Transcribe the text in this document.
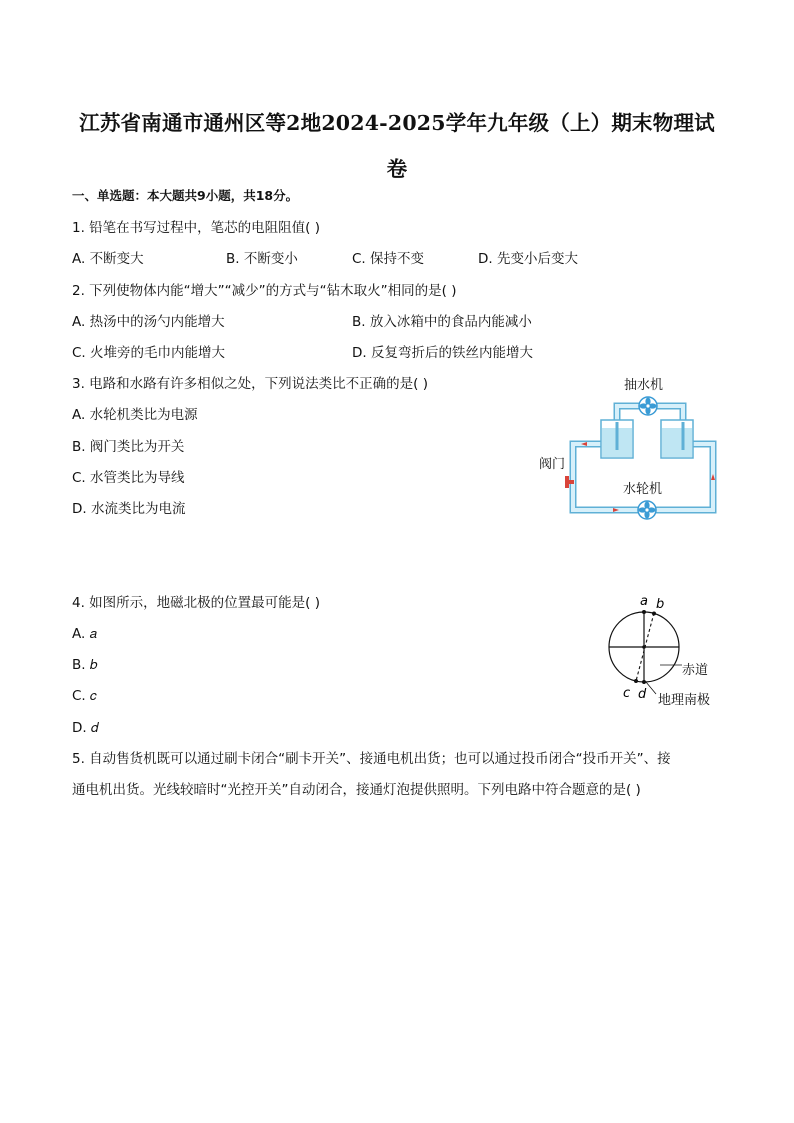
江苏省南通市通州区等2地2024-2025学年九年级（上）期末物理试
卷
一、单选题：本大题共9小题，共18分。
1. 铅笔在书写过程中，笔芯的电阻阻值( )
A. 不断变大	B. 不断变小	C. 保持不变	D. 先变小后变大
2. 下列使物体内能“增大”“减少”的方式与“钻木取火”相同的是( )
A. 热汤中的汤勺内能增大	B. 放入冰箱中的食品内能减小
C. 火堆旁的毛巾内能增大	D. 反复弯折后的铁丝内能增大
3. 电路和水路有许多相似之处，下列说法类比不正确的是( )
A. 水轮机类比为电源
B. 阀门类比为开关
C. 水管类比为导线
D. 水流类比为电流
抽水机
阀门
水轮机
4. 如图所示，地磁北极的位置最可能是( )
A. 𝑎
B. 𝑏
C. 𝑐
D. 𝑑
a b
c d
赤道
地理南极
5. 自动售货机既可以通过刷卡闭合“刷卡开关”、接通电机出货；也可以通过投币闭合“投币开关”、接
通电机出货。光线较暗时“光控开关”自动闭合，接通灯泡提供照明。下列电路中符合题意的是( )
